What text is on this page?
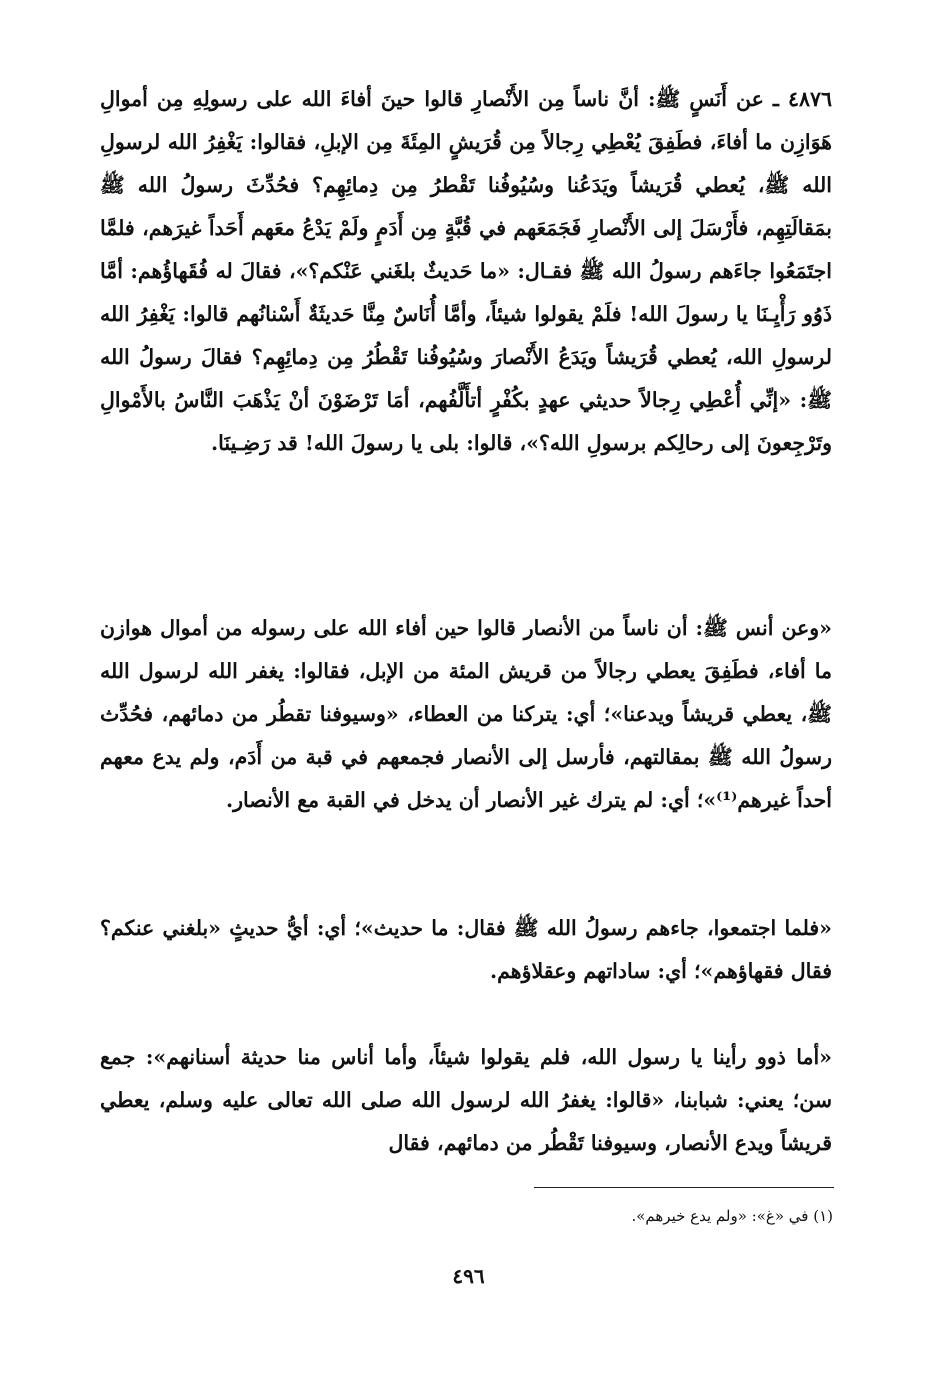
٤٨٧٦ ـ عن أَنَسٍ ﷺ: أنَّ ناساً مِن الأَنْصارِ قالوا حينَ أفاءَ الله على رسولِهِ مِن أموالِ هَوَازِن ما أفاءَ، فطَفِقَ يُعْطِي رِجالاً مِن قُرَيشٍ المِئَةَ مِن الإبلِ، فقالوا: يَغْفِرُ الله لرسولِ الله ﷺ، يُعطي قُرَيشاً ويَدَعُنا وسُيُوفُنا تَقْطرُ مِن دِمائِهِم؟ فحُدِّثَ رسولُ الله ﷺ بمَقالَتِهِم، فأَرْسَلَ إلى الأَنْصارِ فَجَمَعَهم في قُبَّةٍ مِن أَدَمٍ ولَمْ يَدْعُ معَهم أَحَداً غيرَهم، فلمَّا اجتَمَعُوا جاءَهم رسولُ الله ﷺ فقـال: «ما حَديثٌ بلغَني عَنْكم؟»، فقالَ له فُقَهاؤُهم: أمَّا ذَوُو رَأْيِـنَا يا رسولَ الله! فلَمْ يقولوا شيئاً، وأمَّا أُنَاسٌ مِنَّا حَديثَةٌ أَسْنانُهم قالوا: يَغْفِرُ الله لرسولِ الله، يُعطي قُرَيشاً ويَدَعُ الأَنْصارَ وسُيُوفُنا تَقْطُرُ مِن دِمائِهِم؟ فقالَ رسولُ الله ﷺ: «إنِّي أُعْطِي رِجالاً حديثي عهدٍ بكُفْرٍ أتأَلَّفُهم، أمَا تَرْضَوْنَ أنْ يَذْهَبَ النَّاسُ بالأَمْوالِ وتَرْجِعونَ إلى رحالِكم برسولِ الله؟»، قالوا: بلى يا رسولَ الله! قد رَضِـينَا.

«وعن أنس ﷺ: أن ناساً من الأنصار قالوا حين أفاء الله على رسوله من أموال هوازن ما أفاء، فطَفِقَ يعطي رجالاً من قريش المئة من الإبل، فقالوا: يغفر الله لرسول الله ﷺ، يعطي قريشاً ويدعنا»؛ أي: يتركنا من العطاء، «وسيوفنا تقطُر من دمائهم، فحُدِّث رسولُ الله ﷺ بمقالتهم، فأرسل إلى الأنصار فجمعهم في قبة من أَدَم، ولم يدع معهم أحداً غيرهم⁽¹⁾»؛ أي: لم يترك غير الأنصار أن يدخل في القبة مع الأنصار.

«فلما اجتمعوا، جاءهم رسولُ الله ﷺ فقال: ما حديث»؛ أي: أيُّ حديثٍ «بلغني عنكم؟ فقال فقهاؤهم»؛ أي: ساداتهم وعقلاؤهم.

«أما ذوو رأينا يا رسول الله، فلم يقولوا شيئاً، وأما أناس منا حديثة أسنانهم»: جمع سن؛ يعني: شبابنا، «قالوا: يغفرُ الله لرسول الله صلى الله تعالى عليه وسلم، يعطي قريشاً ويدع الأنصار، وسيوفنا تَقْطُر من دمائهم، فقال

(١) في «غ»: «ولم يدع خيرهم».

٤٩٦
